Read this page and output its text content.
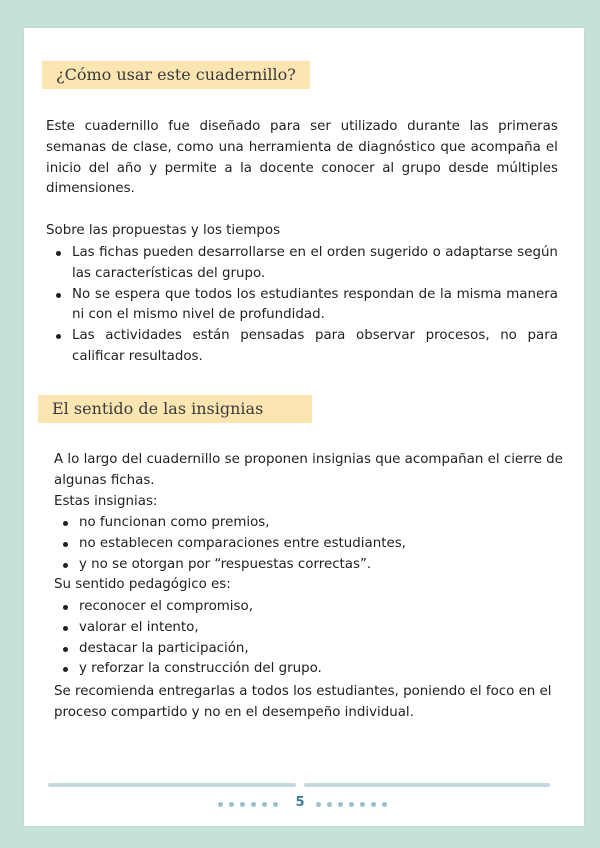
¿Cómo usar este cuadernillo?
Este cuadernillo fue diseñado para ser utilizado durante las primeras
semanas de clase, como una herramienta de diagnóstico que acompaña el
inicio del año y permite a la docente conocer al grupo desde múltiples
dimensiones.
Sobre las propuestas y los tiempos
Las fichas pueden desarrollarse en el orden sugerido o adaptarse según
las características del grupo.
No se espera que todos los estudiantes respondan de la misma manera
ni con el mismo nivel de profundidad.
Las actividades están pensadas para observar procesos, no para
calificar resultados.
El sentido de las insignias
A lo largo del cuadernillo se proponen insignias que acompañan el cierre de
algunas fichas.
Estas insignias:
no funcionan como premios,
no establecen comparaciones entre estudiantes,
y no se otorgan por “respuestas correctas”.
Su sentido pedagógico es:
reconocer el compromiso,
valorar el intento,
destacar la participación,
y reforzar la construcción del grupo.
Se recomienda entregarlas a todos los estudiantes, poniendo el foco en el
proceso compartido y no en el desempeño individual.
5
